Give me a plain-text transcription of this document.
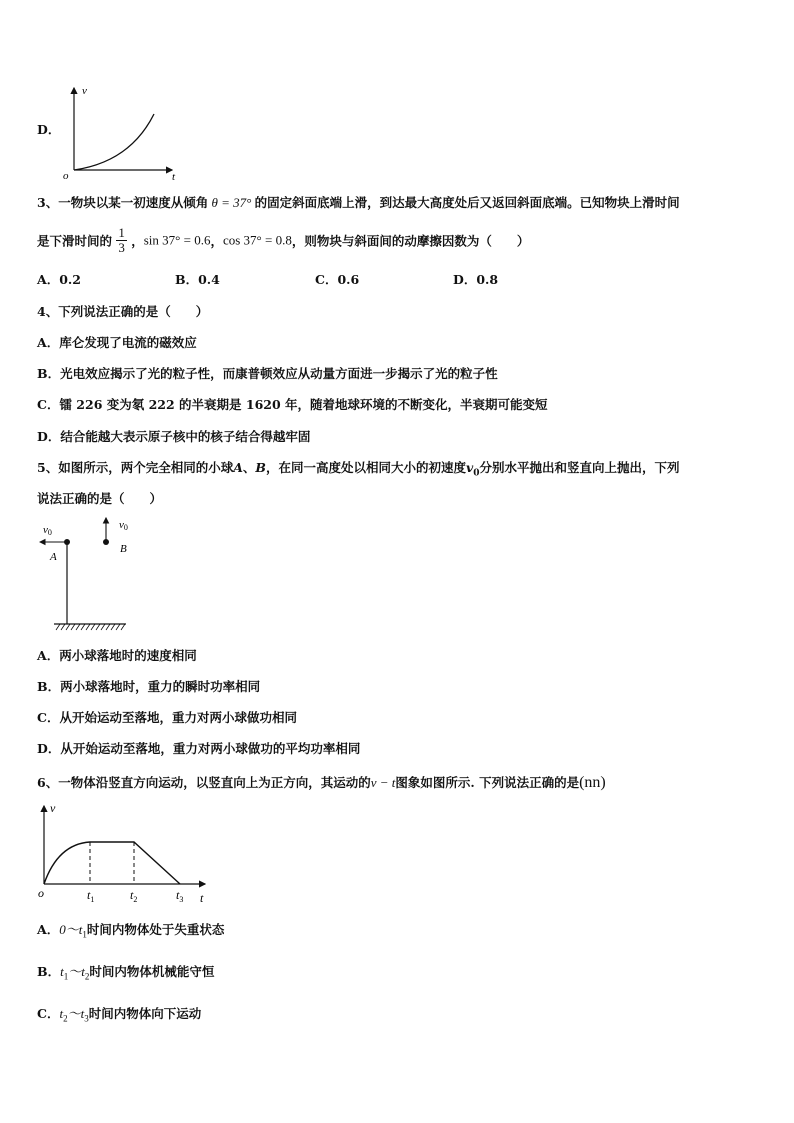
D．
v
t
o
3、一物块以某一初速度从倾角 θ = 37° 的固定斜面底端上滑，到达最大高度处后又返回斜面底端。已知物块上滑时间
是下滑时间的 $\frac{1}{3}$ ，sin 37° = 0.6，cos 37° = 0.8，则物块与斜面间的动摩擦因数为（　　）
A．0.2	B．0.4	C．0.6	D．0.8
4、下列说法正确的是（　　）
A．库仑发现了电流的磁效应
B．光电效应揭示了光的粒子性，而康普顿效应从动量方面进一步揭示了光的粒子性
C．镭 226 变为氡 222 的半衰期是 1620 年，随着地球环境的不断变化，半衰期可能变短
D．结合能越大表示原子核中的核子结合得越牢固
5、如图所示，两个完全相同的小球A、B，在同一高度处以相同大小的初速度$v_0$分别水平抛出和竖直向上抛出，下列
说法正确的是（　　）
v0
A
v0
B
A．两小球落地时的速度相同
B．两小球落地时，重力的瞬时功率相同
C．从开始运动至落地，重力对两小球做功相同
D．从开始运动至落地，重力对两小球做功的平均功率相同
6、一物体沿竖直方向运动，以竖直向上为正方向，其运动的v − t图象如图所示. 下列说法正确的是(nn)
v
t
o	$t_1$	$t_2$	$t_3$
A．$0\sim t_1$时间内物体处于失重状态
B．$t_1\sim t_2$时间内物体机械能守恒
C．$t_2\sim t_3$时间内物体向下运动
